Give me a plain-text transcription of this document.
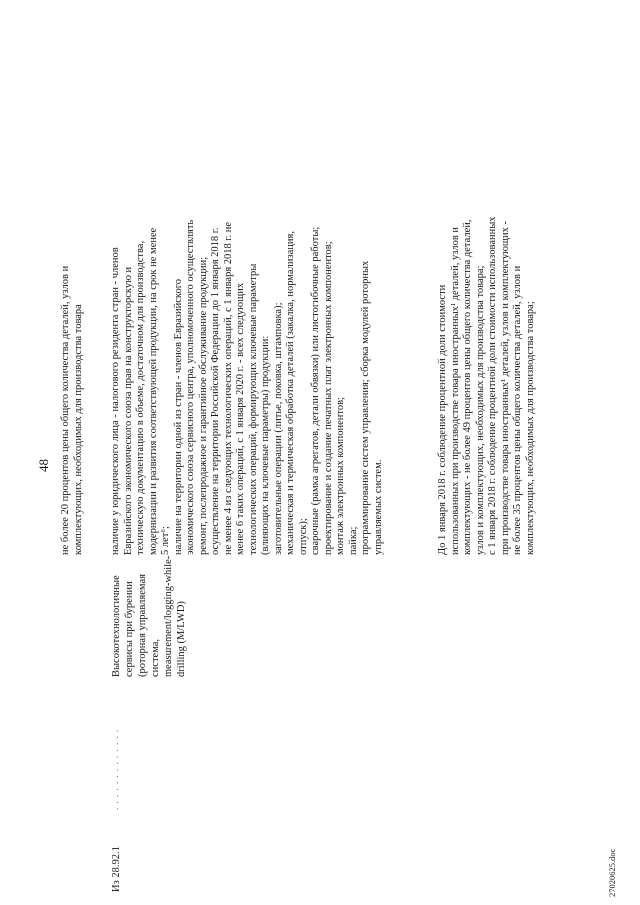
48 не более 20 процентов цены общего количества деталей, узлов и комплектующих, необходимых для производства товара
. . . . . . . . . . . . .
Из 28.92.1
Высокотехнологичные сервисы при бурении (роторная управляемая система, measurement/logging-while-drilling (M/LWD)
наличие у юридического лица - налогового резидента стран - членов Евразийского экономического союза прав на конструкторскую и техническую документацию в объеме, достаточном для производства, модернизации и развития соответствующей продукции, на срок не менее 5 лет⁶; наличие на территории одной из стран - членов Евразийского экономического союза сервисного центра, уполномоченного осуществлять ремонт, послепродажное и гарантийное обслуживание продукции; осуществление на территории Российской Федерации до 1 января 2018 г. не менее 4 из следующих технологических операций, с 1 января 2018 г. не менее 6 таких операций, с 1 января 2020 г. - всех следующих технологических операций, формирующих ключевые параметры (влияющих на ключевые параметры) продукции: заготовительные операции (литье, поковка, штамповка); механическая и термическая обработка деталей (закалка, нормализация, отпуск); сварочные (рамка агрегатов, детали обвязки) или листогибочные работы; проектирование и создание печатных плат электронных компонентов; монтаж электронных компонентов; пайка; программирование систем управления; сборка модулей роторных управляемых систем.	До 1 января 2018 г. соблюдение процентной доли стоимости использованных при производстве товара иностранных¹ деталей, узлов и комплектующих - не более 49 процентов цены общего количества деталей, узлов и комплектующих, необходимых для производства товара; с 1 января 2018 г. соблюдение процентной доли стоимости использованных при производстве товара иностранных¹ деталей, узлов и комплектующих - не более 35 процентов цены общего количества деталей, узлов и комплектующих, необходимых для производства товара;
27020625.doc
